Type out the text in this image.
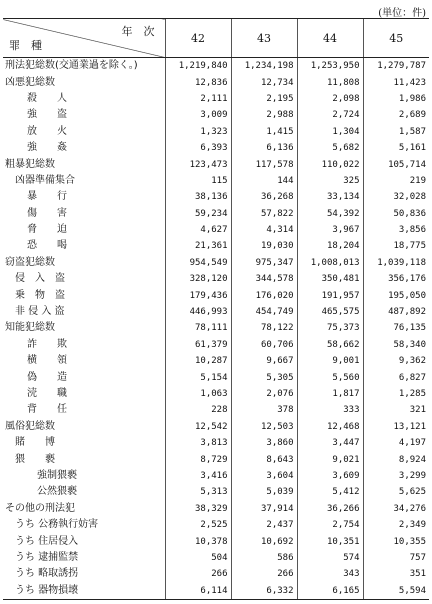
(単位：件)
罪　種
年　次	42	43	44	45
刑法犯総数(交通業過を除く。)	1,219,840	1,234,198	1,253,950	1,279,787
凶悪犯総数	12,836	12,734	11,808	11,423
殺　　人	2,111	2,195	2,098	1,986
強　　盗	3,009	2,988	2,724	2,689
放　　火	1,323	1,415	1,304	1,587
強　　姦	6,393	6,136	5,682	5,161
粗暴犯総数	123,473	117,578	110,022	105,714
凶器準備集合	115	144	325	219
暴　　行	38,136	36,268	33,134	32,028
傷　　害	59,234	57,822	54,392	50,836
脅　　迫	4,627	4,314	3,967	3,856
恐　　喝	21,361	19,030	18,204	18,775
窃盗犯総数	954,549	975,347	1,008,013	1,039,118
侵　入　盗	328,120	344,578	350,481	356,176
乗　物　盗	179,436	176,020	191,957	195,050
非 侵 入 盗	446,993	454,749	465,575	487,892
知能犯総数	78,111	78,122	75,373	76,135
詐　　欺	61,379	60,706	58,662	58,340
横　　領	10,287	9,667	9,001	9,362
偽　　造	5,154	5,305	5,560	6,827
涜　　職	1,063	2,076	1,817	1,285
背　　任	228	378	333	321
風俗犯総数	12,542	12,503	12,468	13,121
賭　　博	3,813	3,860	3,447	4,197
猥　　褻	8,729	8,643	9,021	8,924
強制猥褻	3,416	3,604	3,609	3,299
公然猥褻	5,313	5,039	5,412	5,625
その他の刑法犯	38,329	37,914	36,266	34,276
うち 公務執行妨害	2,525	2,437	2,754	2,349
うち 住居侵入	10,378	10,692	10,351	10,355
うち 逮捕監禁	504	586	574	757
うち 略取誘拐	266	266	343	351
うち 器物損壊	6,114	6,332	6,165	5,594
